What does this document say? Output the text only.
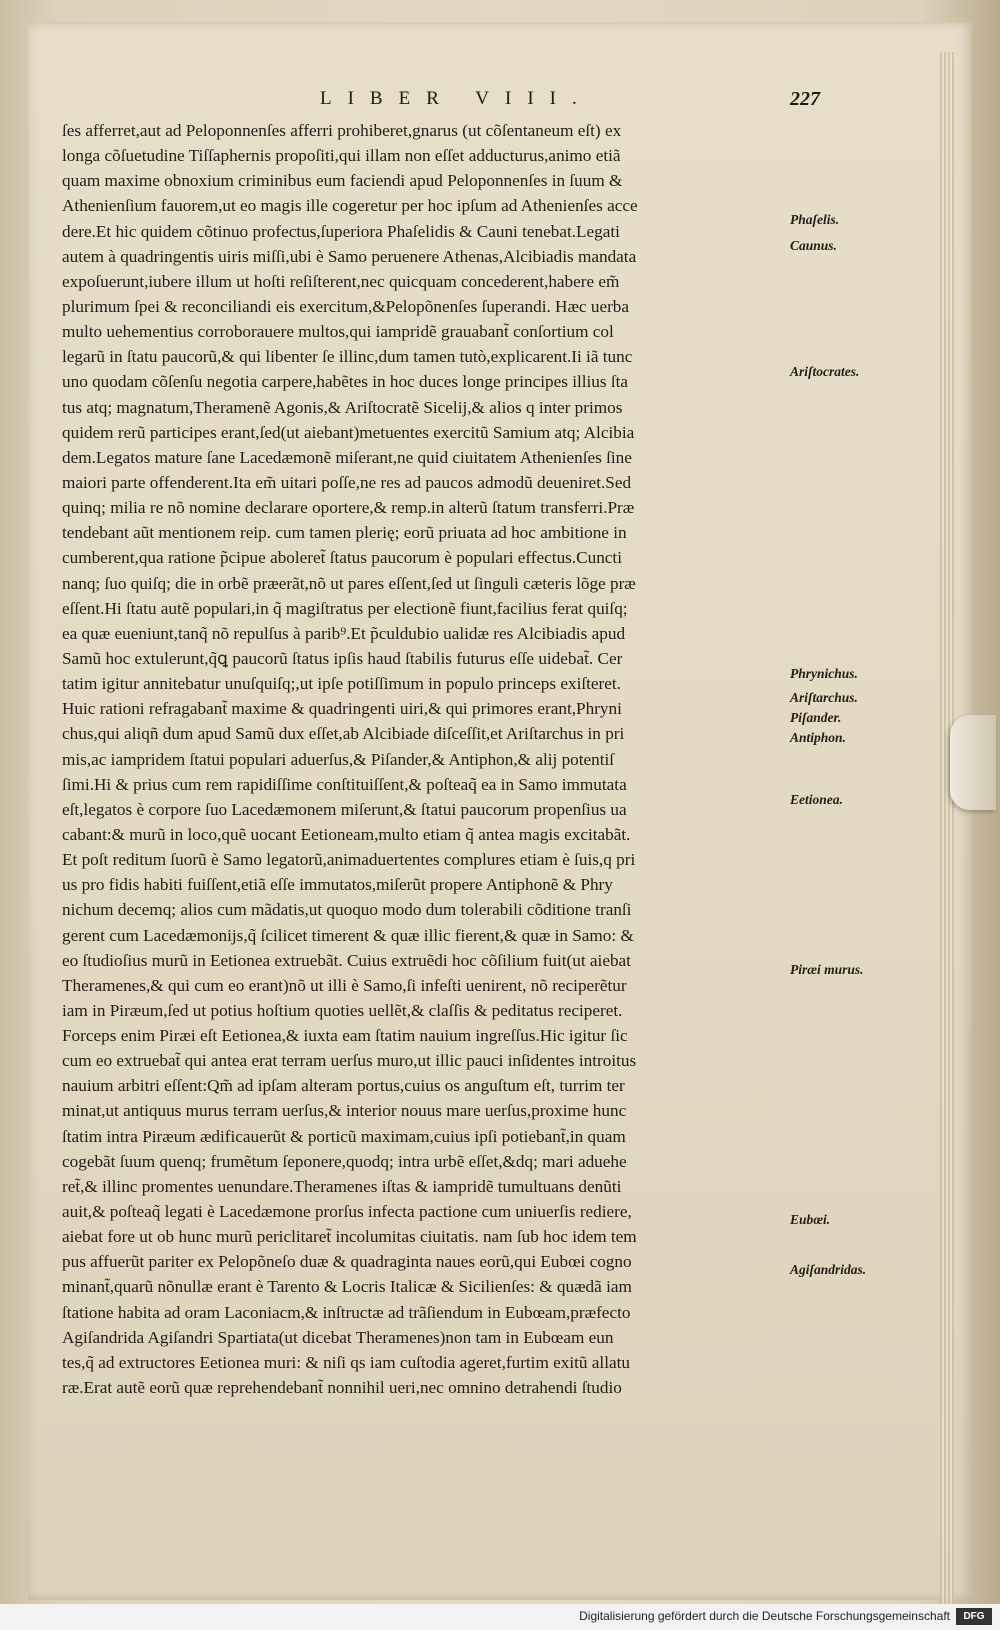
LIBER VIII.	227
ſes afferret,aut ad Peloponnenſes afferri prohiberet,gnarus (ut cõſentaneum eſt) ex
longa cõſuetudine Tiſſaphernis propoſiti,qui illam non eſſet adducturus,animo etiã
quam maxime obnoxium criminibus eum faciendi apud Peloponnenſes in ſuum &
Athenienſium fauorem,ut eo magis ille cogeretur per hoc ipſum ad Athenienſes acce
dere.Et hic quidem cõtinuo profectus,ſuperiora Phaſelidis & Cauni tenebat.Legati
autem à quadringentis uiris miſſi,ubi è Samo peruenere Athenas,Alcibiadis mandata
expoſuerunt,iubere illum ut hoſti reſiſterent,nec quicquam concederent,habere em̃
plurimum ſpei & reconciliandi eis exercitum,&Pelopõnenſes ſuperandi. Hæc uerba
multo uehementius corroborauere multos,qui iampridẽ grauabant̃ conſortium col
legarũ in ſtatu paucorũ,& qui libenter ſe illinc,dum tamen tutò,explicarent.Ii iã tunc
uno quodam cõſenſu negotia carpere,habẽtes in hoc duces longe principes illius ſta
tus atq; magnatum,Theramenẽ Agonis,& Ariſtocratẽ Sicelij,& alios q inter primos
quidem rerũ participes erant,ſed(ut aiebant)metuentes exercitũ Samium atq; Alcibia
dem.Legatos mature ſane Lacedæmonẽ miſerant,ne quid ciuitatem Athenienſes ſine
maiori parte offenderent.Ita em̃ uitari poſſe,ne res ad paucos admodũ deueniret.Sed
quinq; milia re nõ nomine declarare oportere,& remp.in alterũ ſtatum transferri.Præ
tendebant aũt mentionem reip. cum tamen plerię; eorũ priuata ad hoc ambitione in
cumberent,qua ratione p̃cipue aboleret̃ ſtatus paucorum è populari effectus.Cuncti
nanq; ſuo quiſq; die in orbẽ præerãt,nõ ut pares eſſent,ſed ut ſinguli cæteris lõge præ
eſſent.Hi ſtatu autẽ populari,in q̃ magiſtratus per electionẽ fiunt,facilius ferat quiſq;
ea quæ eueniunt,tanq̃ nõ repulſus à parib⁹.Et p̃culdubio ualidæ res Alcibiadis apud
Samũ hoc extulerunt,q̃ꝗ paucorũ ſtatus ipſis haud ſtabilis futurus eſſe uidebat̃. Cer
tatim igitur annitebatur unuſquiſq;,ut ipſe potiſſimum in populo princeps exiſteret.
Huic rationi refragabant̃ maxime & quadringenti uiri,& qui primores erant,Phryni
chus,qui aliqñ dum apud Samũ dux eſſet,ab Alcibiade diſceſſit,et Ariſtarchus in pri
mis,ac iampridem ſtatui populari aduerſus,& Piſander,& Antiphon,& alij potentiſ
ſimi.Hi & prius cum rem rapidiſſime conſtituiſſent,& poſteaq̃ ea in Samo immutata
eſt,legatos è corpore ſuo Lacedæmonem miſerunt,& ſtatui paucorum propenſius ua
cabant:& murũ in loco,quẽ uocant Eetioneam,multo etiam q̃ antea magis excitabãt.
Et poſt reditum ſuorũ è Samo legatorũ,animaduertentes complures etiam è ſuis,q pri
us pro fidis habiti fuiſſent,etiã eſſe immutatos,miſerũt propere Antiphonẽ & Phry
nichum decemq; alios cum mãdatis,ut quoquo modo dum tolerabili cõditione tranſi
gerent cum Lacedæmonijs,q̃ ſcilicet timerent & quæ illic fierent,& quæ in Samo: &
eo ſtudioſius murũ in Eetionea extruebãt. Cuius extruẽdi hoc cõſilium fuit(ut aiebat
Theramenes,& qui cum eo erant)nõ ut illi è Samo,ſi infeſti uenirent, nõ reciperẽtur
iam in Piræum,ſed ut potius hoſtium quoties uellẽt,& claſſis & peditatus reciperet.
Forceps enim Piræi eſt Eetionea,& iuxta eam ſtatim nauium ingreſſus.Hic igitur ſic
cum eo extruebat̃ qui antea erat terram uerſus muro,ut illic pauci inſidentes introitus
nauium arbitri eſſent:Qm̃ ad ipſam alteram portus,cuius os anguſtum eſt, turrim ter
minat,ut antiquus murus terram uerſus,& interior nouus mare uerſus,proxime hunc
ſtatim intra Piræum ædificauerũt & porticũ maximam,cuius ipſi potiebant̃,in quam
cogebãt ſuum quenq; frumẽtum ſeponere,quodq; intra urbẽ eſſet,&dq; mari aduehe
ret̃,& illinc promentes uenundare.Theramenes iſtas & iampridẽ tumultuans denũti
auit,& poſteaq̃ legati è Lacedæmone prorſus infecta pactione cum uniuerſis rediere,
aiebat fore ut ob hunc murũ periclitaret̃ incolumitas ciuitatis. nam ſub hoc idem tem
pus affuerũt pariter ex Pelopõneſo duæ & quadraginta naues eorũ,qui Eubœi cogno
minant̃,quarũ nõnullæ erant è Tarento & Locris Italicæ & Sicilienſes: & quædã iam
ſtatione habita ad oram Laconiacm,& inſtructæ ad trãſiendum in Eubœam,præfecto
Agiſandrida Agiſandri Spartiata(ut dicebat Theramenes)non tam in Eubœam eun
tes,q̃ ad extructores Eetionea muri: & niſi qs iam cuſtodia ageret,furtim exitũ allatu
ræ.Erat autẽ eorũ quæ reprehendebant̃ nonnihil ueri,nec omnino detrahendi ſtudio
Phaſelis.
Caunus.
Ariſtocrates.
Phrynichus.
Ariſtarchus.
Piſander.
Antiphon.
Eetionea.
Piræi murus.
Eubœi.
Agiſandridas.
Digitalisierung gefördert durch die Deutsche Forschungsgemeinschaft	DFG
